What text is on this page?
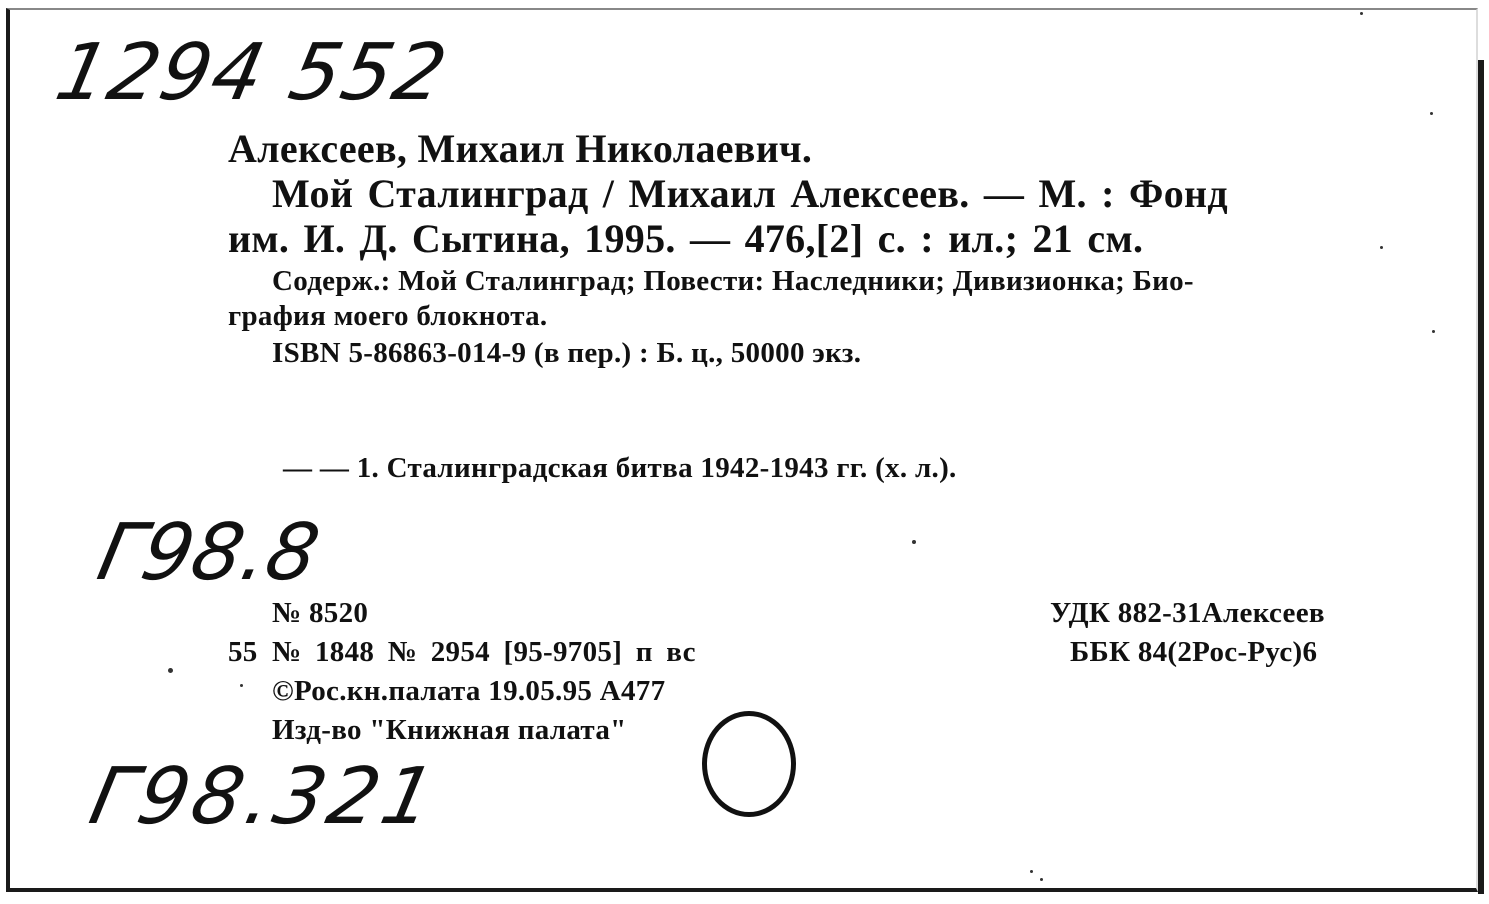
1294 552
Г98.8
Г98.321
Алексеев, Михаил Николаевич.
Мой Сталинград / Михаил Алексеев. — М. : Фонд
им. И. Д. Сытина, 1995. — 476,[2] с. : ил.; 21 см.
Содерж.: Мой Сталинград; Повести: Наследники; Дивизионка; Био-
графия моего блокнота.
ISBN 5-86863-014-9 (в пер.) : Б. ц., 50000 экз.
— — 1. Сталинградская битва 1942-1943 гг. (х. л.).
№ 8520
55 № 1848 № 2954 [95-9705] п вс
©Рос.кн.палата 19.05.95 А477
Изд-во "Книжная палата"
УДК 882-31Алексеев
ББК 84(2Рос-Рус)6
